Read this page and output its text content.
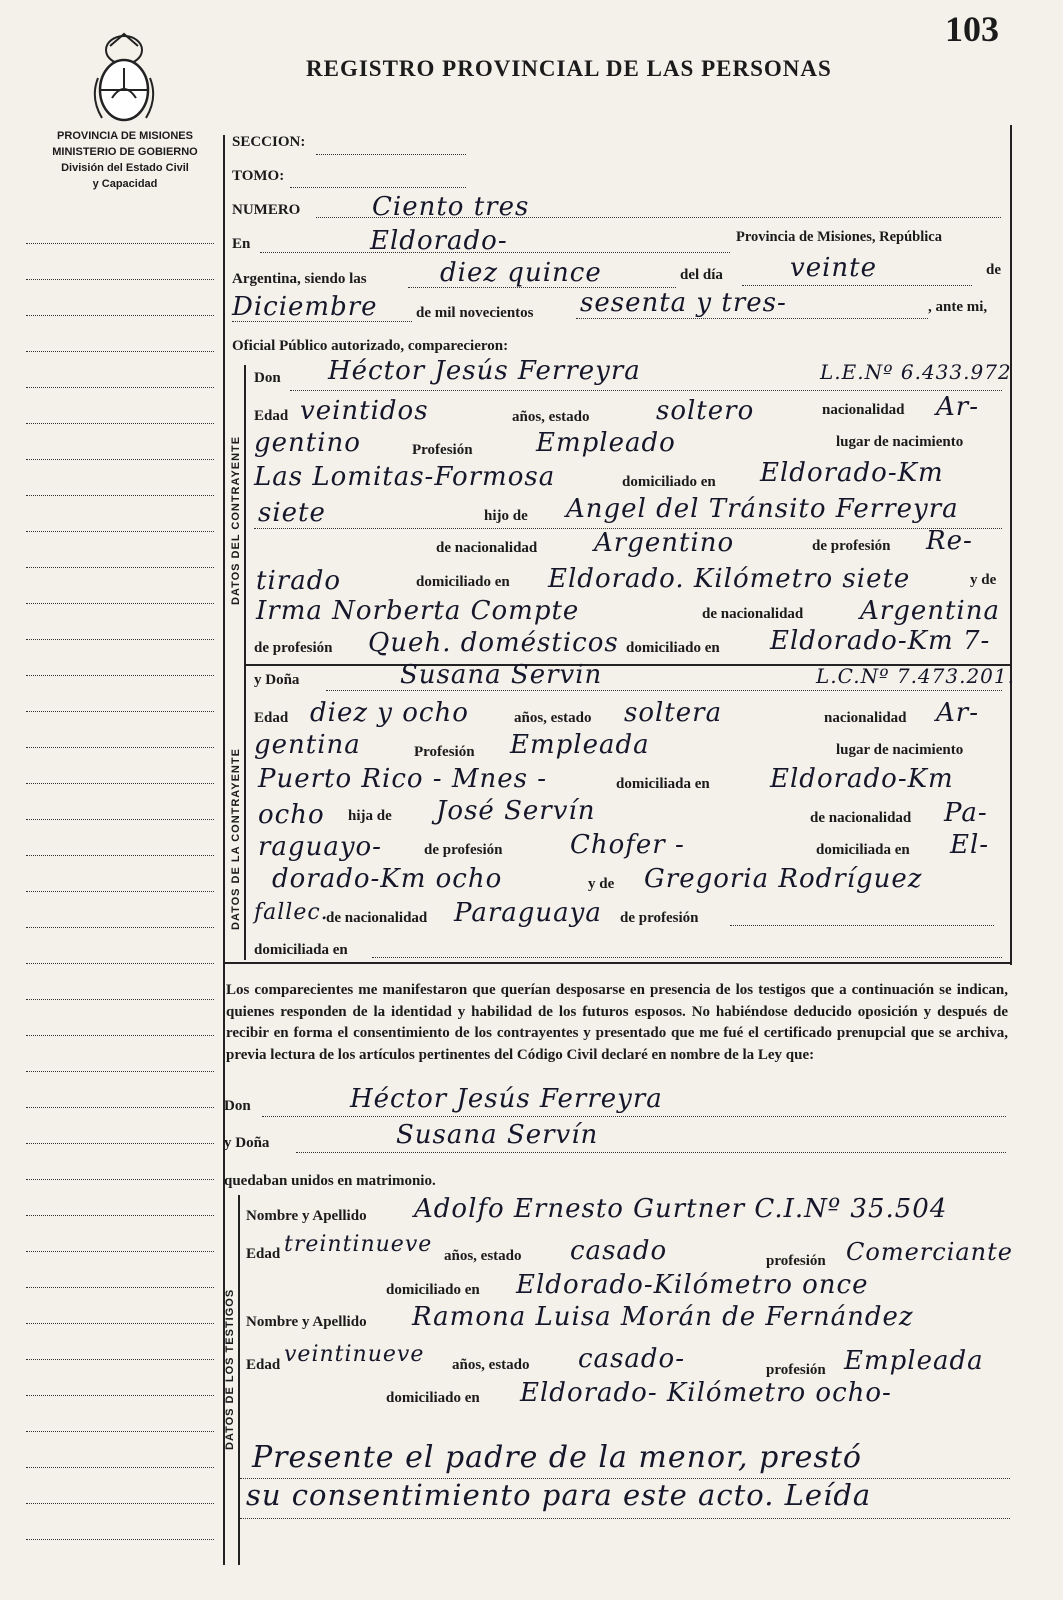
103
REGISTRO PROVINCIAL DE LAS PERSONAS
PROVINCIA DE MISIONES
MINISTERIO DE GOBIERNO
División del Estado Civil
y Capacidad
DATOS DEL CONTRAYENTE
DATOS DE LA CONTRAYENTE
DATOS DE LOS TESTIGOS
SECCION:
TOMO:
NUMERO	Ciento tres
En	Eldorado-	Provincia de Misiones, República
Argentina, siendo las	diez quince	del día	veinte	de
Diciembre	de mil novecientos sesenta y tres-	, ante mi,
Oficial Público autorizado, comparecieron:
Don Héctor Jesús Ferreyra	L.E.Nº 6.433.972
Edad veintidos	años, estado	soltero	nacionalidad Ar-
gentino	Profesión Empleado	lugar de nacimiento
Las Lomitas-Formosa	domiciliado en Eldorado-Km
siete	hijo de Angel del Tránsito Ferreyra
de nacionalidad Argentino	de profesión Re-
tirado	domiciliado en Eldorado. Kilómetro siete	y de
Irma Norberta Compte	de nacionalidad Argentina
de profesión Queh. domésticos domiciliado en Eldorado-Km 7-
y Doña	Susana Servin	L.C.Nº 7.473.201.
Edad diez y ocho	años, estado soltera	nacionalidad Ar-
gentina	Profesión Empleada	lugar de nacimiento
Puerto Rico - Mnes -	domiciliada en Eldorado-Km
ocho hija de José Servín	de nacionalidad Pa-
raguayo-	de profesión	Chofer -	domiciliada en El-
dorado-Km ocho	y de Gregoria Rodríguez
fallec.
de nacionalidad Paraguaya de profesión
domiciliada en
Los comparecientes me manifestaron que querían desposarse en presencia de los testigos que a continuación se indican, quienes responden de la identidad y habilidad de los futuros esposos. No habiéndose deducido oposición y después de recibir en forma el consentimiento de los contrayentes y presentado que me fué el certificado prenupcial que se archiva, previa lectura de los artículos pertinentes del Código Civil declaré en nombre de la Ley que:
Don	Héctor Jesús Ferreyra
y Doña	Susana Servín
quedaban unidos en matrimonio.
Nombre y Apellido Adolfo Ernesto Gurtner C.I.Nº 35.504
Edad treintinueve años, estado casado	profesión Comerciante
domiciliado en Eldorado-Kilómetro once
Nombre y Apellido Ramona Luisa Morán de Fernández
Edad veintinueve años, estado casado-	profesión Empleada
domiciliado en Eldorado- Kilómetro ocho-
Presente el padre de la menor, prestó
su consentimiento para este acto. Leída
